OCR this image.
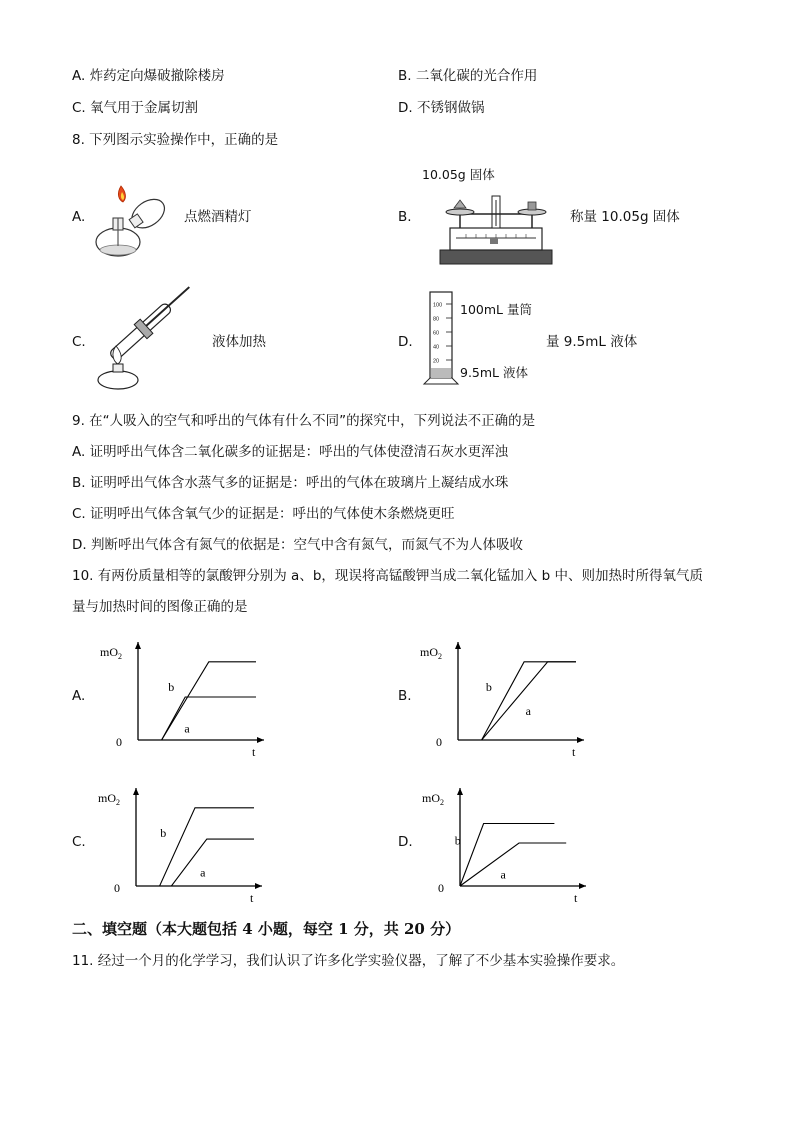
A. 炸药定向爆破撤除楼房	B. 二氧化碳的光合作用
C. 氧气用于金属切割	D. 不锈钢做锅
8. 下列图示实验操作中，正确的是
A.	点燃酒精灯	B.
10.05g 固体
称量 10.05g 固体
C.	液体加热	D.
100
80
60
40
20
100mL 量筒
9.5mL 液体
量 9.5mL 液体
9. 在“人吸入的空气和呼出的气体有什么不同”的探究中，下列说法不正确的是
A. 证明呼出气体含二氧化碳多的证据是：呼出的气体使澄清石灰水更浑浊
B. 证明呼出气体含水蒸气多的证据是：呼出的气体在玻璃片上凝结成水珠
C. 证明呼出气体含氧气少的证据是：呼出的气体使木条燃烧更旺
D. 判断呼出气体含有氮气的依据是：空气中含有氮气，而氮气不为人体吸收
10. 有两份质量相等的氯酸钾分别为 a、b，现误将高锰酸钾当成二氧化锰加入 b 中、则加热时所得氧气质
量与加热时间的图像正确的是
A.	B.
C.	D.
$mO_2$
0
t
b
a
$mO_2$
0
t
b
a
$mO_2$
0
t
b
a
$mO_2$
0
t
b
a
二、填空题（本大题包括 4 小题，每空 1 分，共 20 分）
11. 经过一个月的化学学习，我们认识了许多化学实验仪器，了解了不少基本实验操作要求。
